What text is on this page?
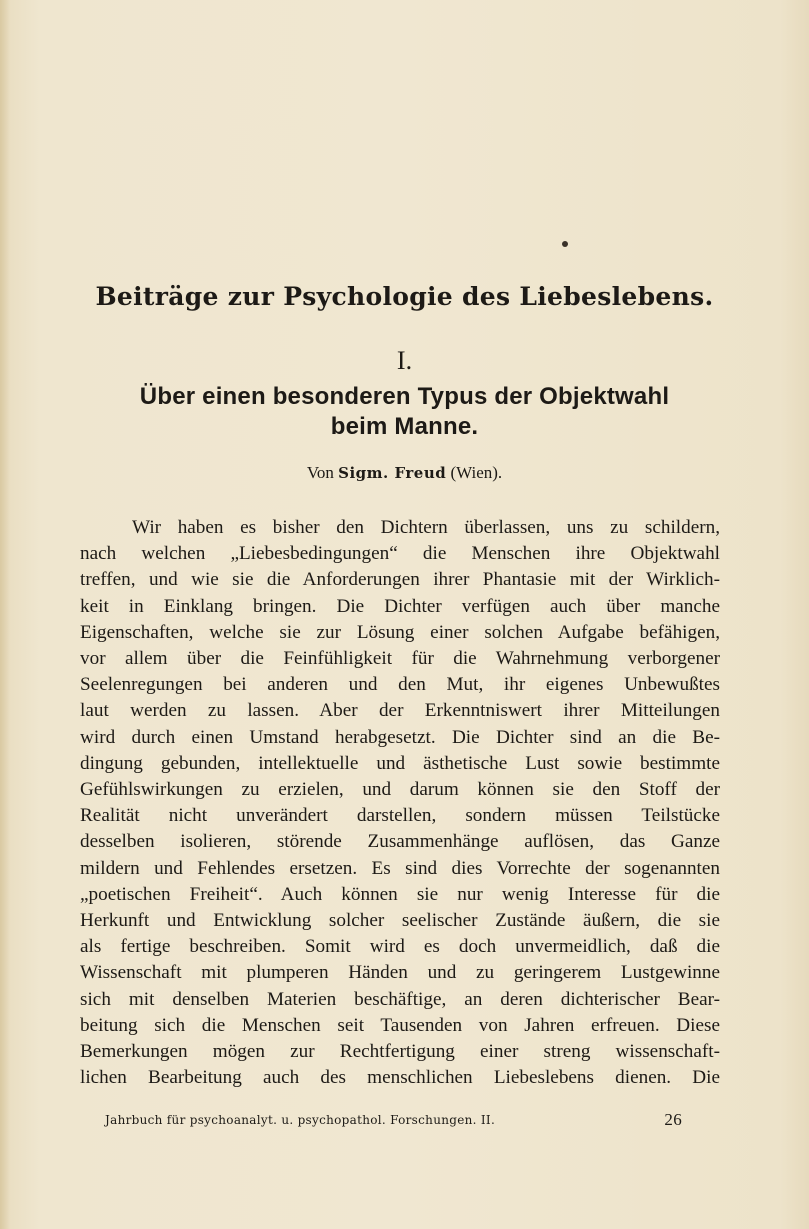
Beiträge zur Psychologie des Liebeslebens.
I.
Über einen besonderen Typus der Objektwahl
beim Manne.

Von Sigm. Freud (Wien).

Wir haben es bisher den Dichtern überlassen, uns zu schildern,
nach welchen „Liebesbedingungen“ die Menschen ihre Objektwahl
treffen, und wie sie die Anforderungen ihrer Phantasie mit der Wirklich-
keit in Einklang bringen. Die Dichter verfügen auch über manche
Eigenschaften, welche sie zur Lösung einer solchen Aufgabe befähigen,
vor allem über die Feinfühligkeit für die Wahrnehmung verborgener
Seelenregungen bei anderen und den Mut, ihr eigenes Unbewußtes
laut werden zu lassen. Aber der Erkenntniswert ihrer Mitteilungen
wird durch einen Umstand herabgesetzt. Die Dichter sind an die Be-
dingung gebunden, intellektuelle und ästhetische Lust sowie bestimmte
Gefühlswirkungen zu erzielen, und darum können sie den Stoff der
Realität nicht unverändert darstellen, sondern müssen Teilstücke
desselben isolieren, störende Zusammenhänge auflösen, das Ganze
mildern und Fehlendes ersetzen. Es sind dies Vorrechte der sogenannten
„poetischen Freiheit“. Auch können sie nur wenig Interesse für die
Herkunft und Entwicklung solcher seelischer Zustände äußern, die sie
als fertige beschreiben. Somit wird es doch unvermeidlich, daß die
Wissenschaft mit plumperen Händen und zu geringerem Lustgewinne
sich mit denselben Materien beschäftige, an deren dichterischer Bear-
beitung sich die Menschen seit Tausenden von Jahren erfreuen. Diese
Bemerkungen mögen zur Rechtfertigung einer streng wissenschaft-
lichen Bearbeitung auch des menschlichen Liebeslebens dienen. Die
Jahrbuch für psychoanalyt. u. psychopathol. Forschungen. II.	26
